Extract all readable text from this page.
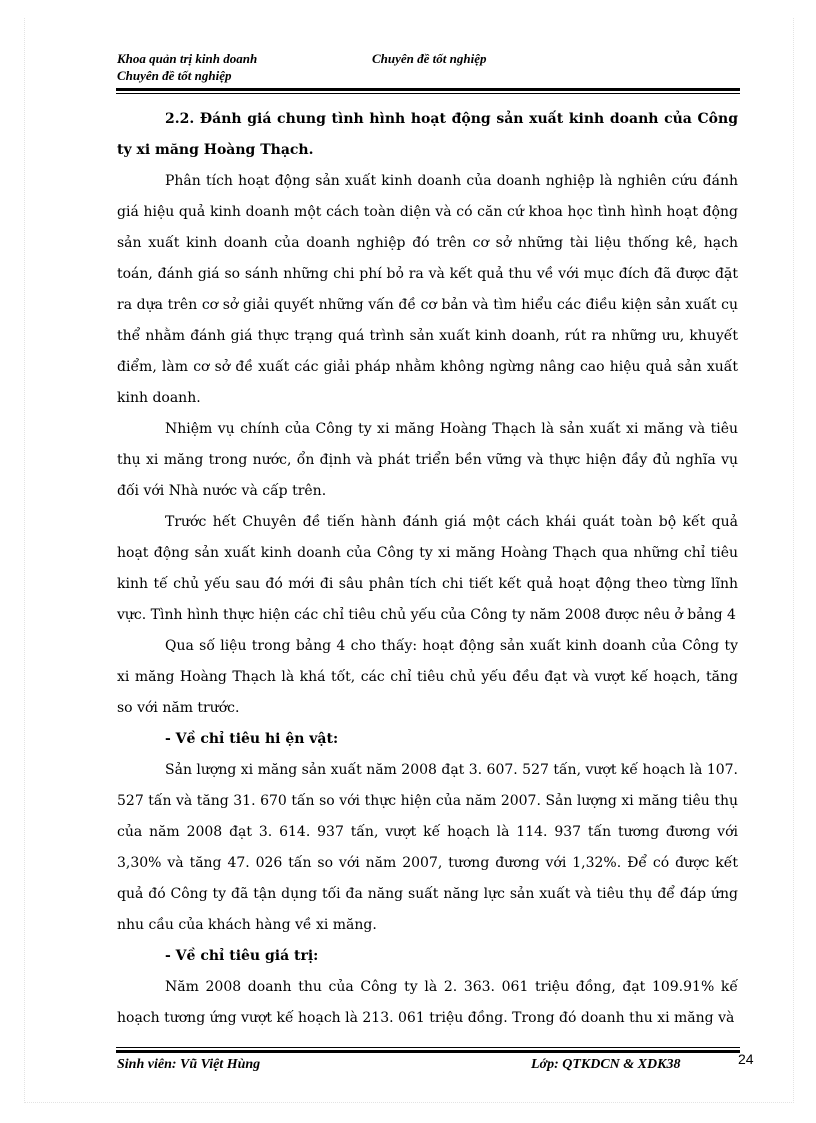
Khoa quản trị kinh doanh	Chuyên đề tốt nghiệp
Chuyên đề tốt nghiệp

2.2. Đánh giá chung tình hình hoạt động sản xuất kinh doanh của Công ty xi măng Hoàng Thạch.

Phân tích hoạt động sản xuất kinh doanh của doanh nghiệp là nghiên cứu đánh giá hiệu quả kinh doanh một cách toàn diện và có căn cứ khoa học tình hình hoạt động sản xuất kinh doanh của doanh nghiệp đó trên cơ sở những tài liệu thống kê, hạch toán, đánh giá so sánh những chi phí bỏ ra và kết quả thu về với mục đích đã được đặt ra dựa trên cơ sở giải quyết những vấn đề cơ bản và tìm hiểu các điều kiện sản xuất cụ thể nhằm đánh giá thực trạng quá trình sản xuất kinh doanh, rút ra những ưu, khuyết điểm, làm cơ sở đề xuất các giải pháp nhằm không ngừng nâng cao hiệu quả sản xuất kinh doanh.

Nhiệm vụ chính của Công ty xi măng Hoàng Thạch là sản xuất xi măng và tiêu thụ xi măng trong nước, ổn định và phát triển bền vững và thực hiện đầy đủ nghĩa vụ đối với Nhà nước và cấp trên.

Trước hết Chuyên đề tiến hành đánh giá một cách khái quát toàn bộ kết quả hoạt động sản xuất kinh doanh của Công ty xi măng Hoàng Thạch qua những chỉ tiêu kinh tế chủ yếu sau đó mới đi sâu phân tích chi tiết kết quả hoạt động theo từng lĩnh vực. Tình hình thực hiện các chỉ tiêu chủ yếu của Công ty năm 2008 được nêu ở bảng 4

Qua số liệu trong bảng 4 cho thấy: hoạt động sản xuất kinh doanh của Công ty xi măng Hoàng Thạch là khá tốt, các chỉ tiêu chủ yếu đều đạt và vượt kế hoạch, tăng so với năm trước.

- Về chỉ tiêu hi ện vật:

Sản lượng xi măng sản xuất năm 2008 đạt 3. 607. 527 tấn, vượt kế hoạch là 107. 527 tấn và tăng 31. 670 tấn so với thực hiện của năm 2007. Sản lượng xi măng tiêu thụ của năm 2008 đạt 3. 614. 937 tấn, vượt kế hoạch là 114. 937 tấn tương đương với 3,30% và tăng 47. 026 tấn so với năm 2007, tương đương với 1,32%. Để có được kết quả đó Công ty đã tận dụng tối đa năng suất năng lực sản xuất và tiêu thụ để đáp ứng nhu cầu của khách hàng về xi măng.

- Về chỉ tiêu giá trị:

Năm 2008 doanh thu của Công ty là 2. 363. 061 triệu đồng, đạt 109.91% kế hoạch tương ứng vượt kế hoạch là 213. 061 triệu đồng. Trong đó doanh thu xi măng và

Sinh viên: Vũ Việt Hùng	Lớp: QTKDCN & XDK38	24
